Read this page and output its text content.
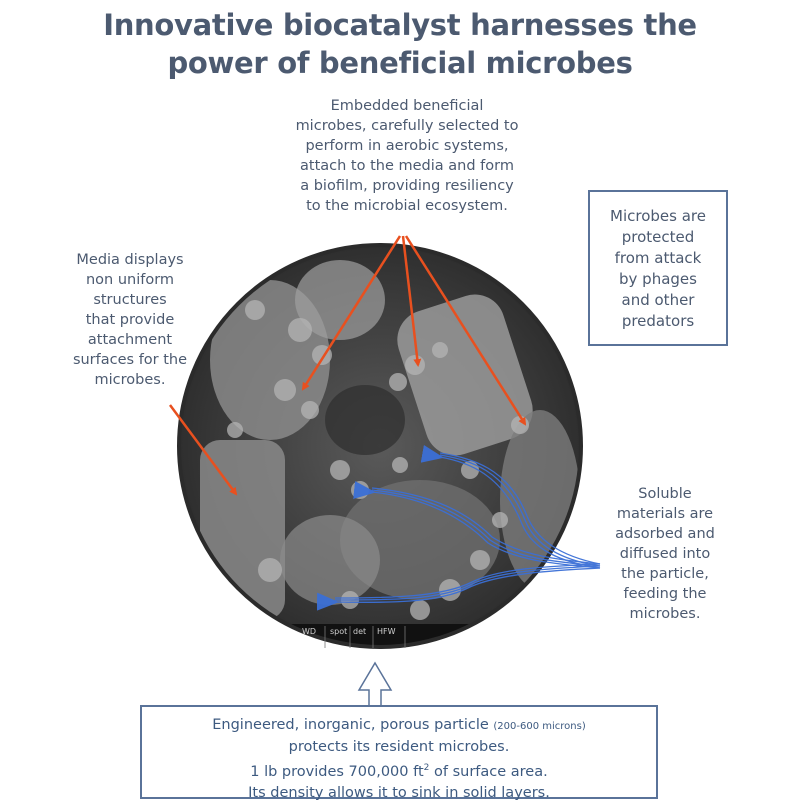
Innovative biocatalyst harnesses the
power of beneficial microbes
WD spot det HFW
Embedded beneficial
microbes, carefully selected to
perform in aerobic systems,
attach to the media and form
a biofilm, providing resiliency
to the microbial ecosystem.
Microbes are
protected
from attack
by phages
and other
predators
Media displays
non uniform
structures
that provide
attachment
surfaces for the
microbes.
Soluble
materials are
adsorbed and
diffused into
the particle,
feeding the
microbes.
Engineered, inorganic, porous particle (200-600 microns)
protects its resident microbes.
1 lb provides 700,000 $ft^2$ of surface area.
Its density allows it to sink in solid layers.
